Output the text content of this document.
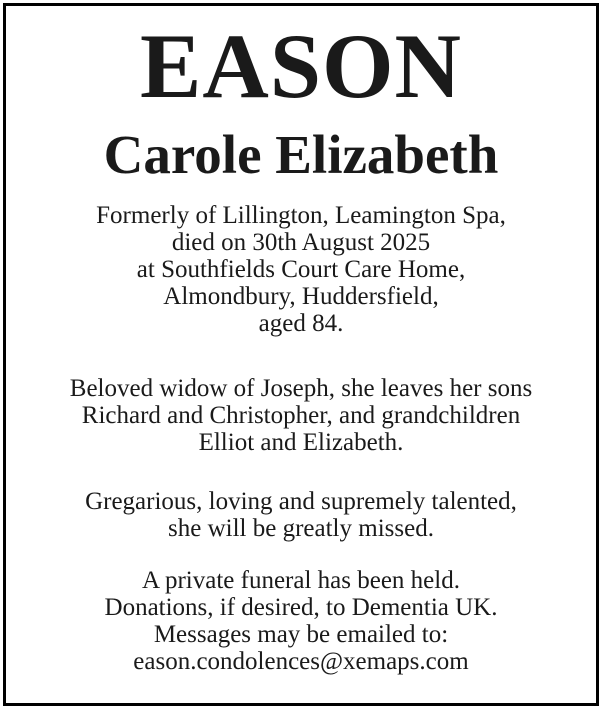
EASON
Carole Elizabeth
Formerly of Lillington, Leamington Spa,
died on 30th August 2025
at Southfields Court Care Home,
Almondbury, Huddersfield,
aged 84.
Beloved widow of Joseph, she leaves her sons
Richard and Christopher, and grandchildren
Elliot and Elizabeth.
Gregarious, loving and supremely talented,
she will be greatly missed.
A private funeral has been held.
Donations, if desired, to Dementia UK.
Messages may be emailed to:
eason.condolences@xemaps.com
